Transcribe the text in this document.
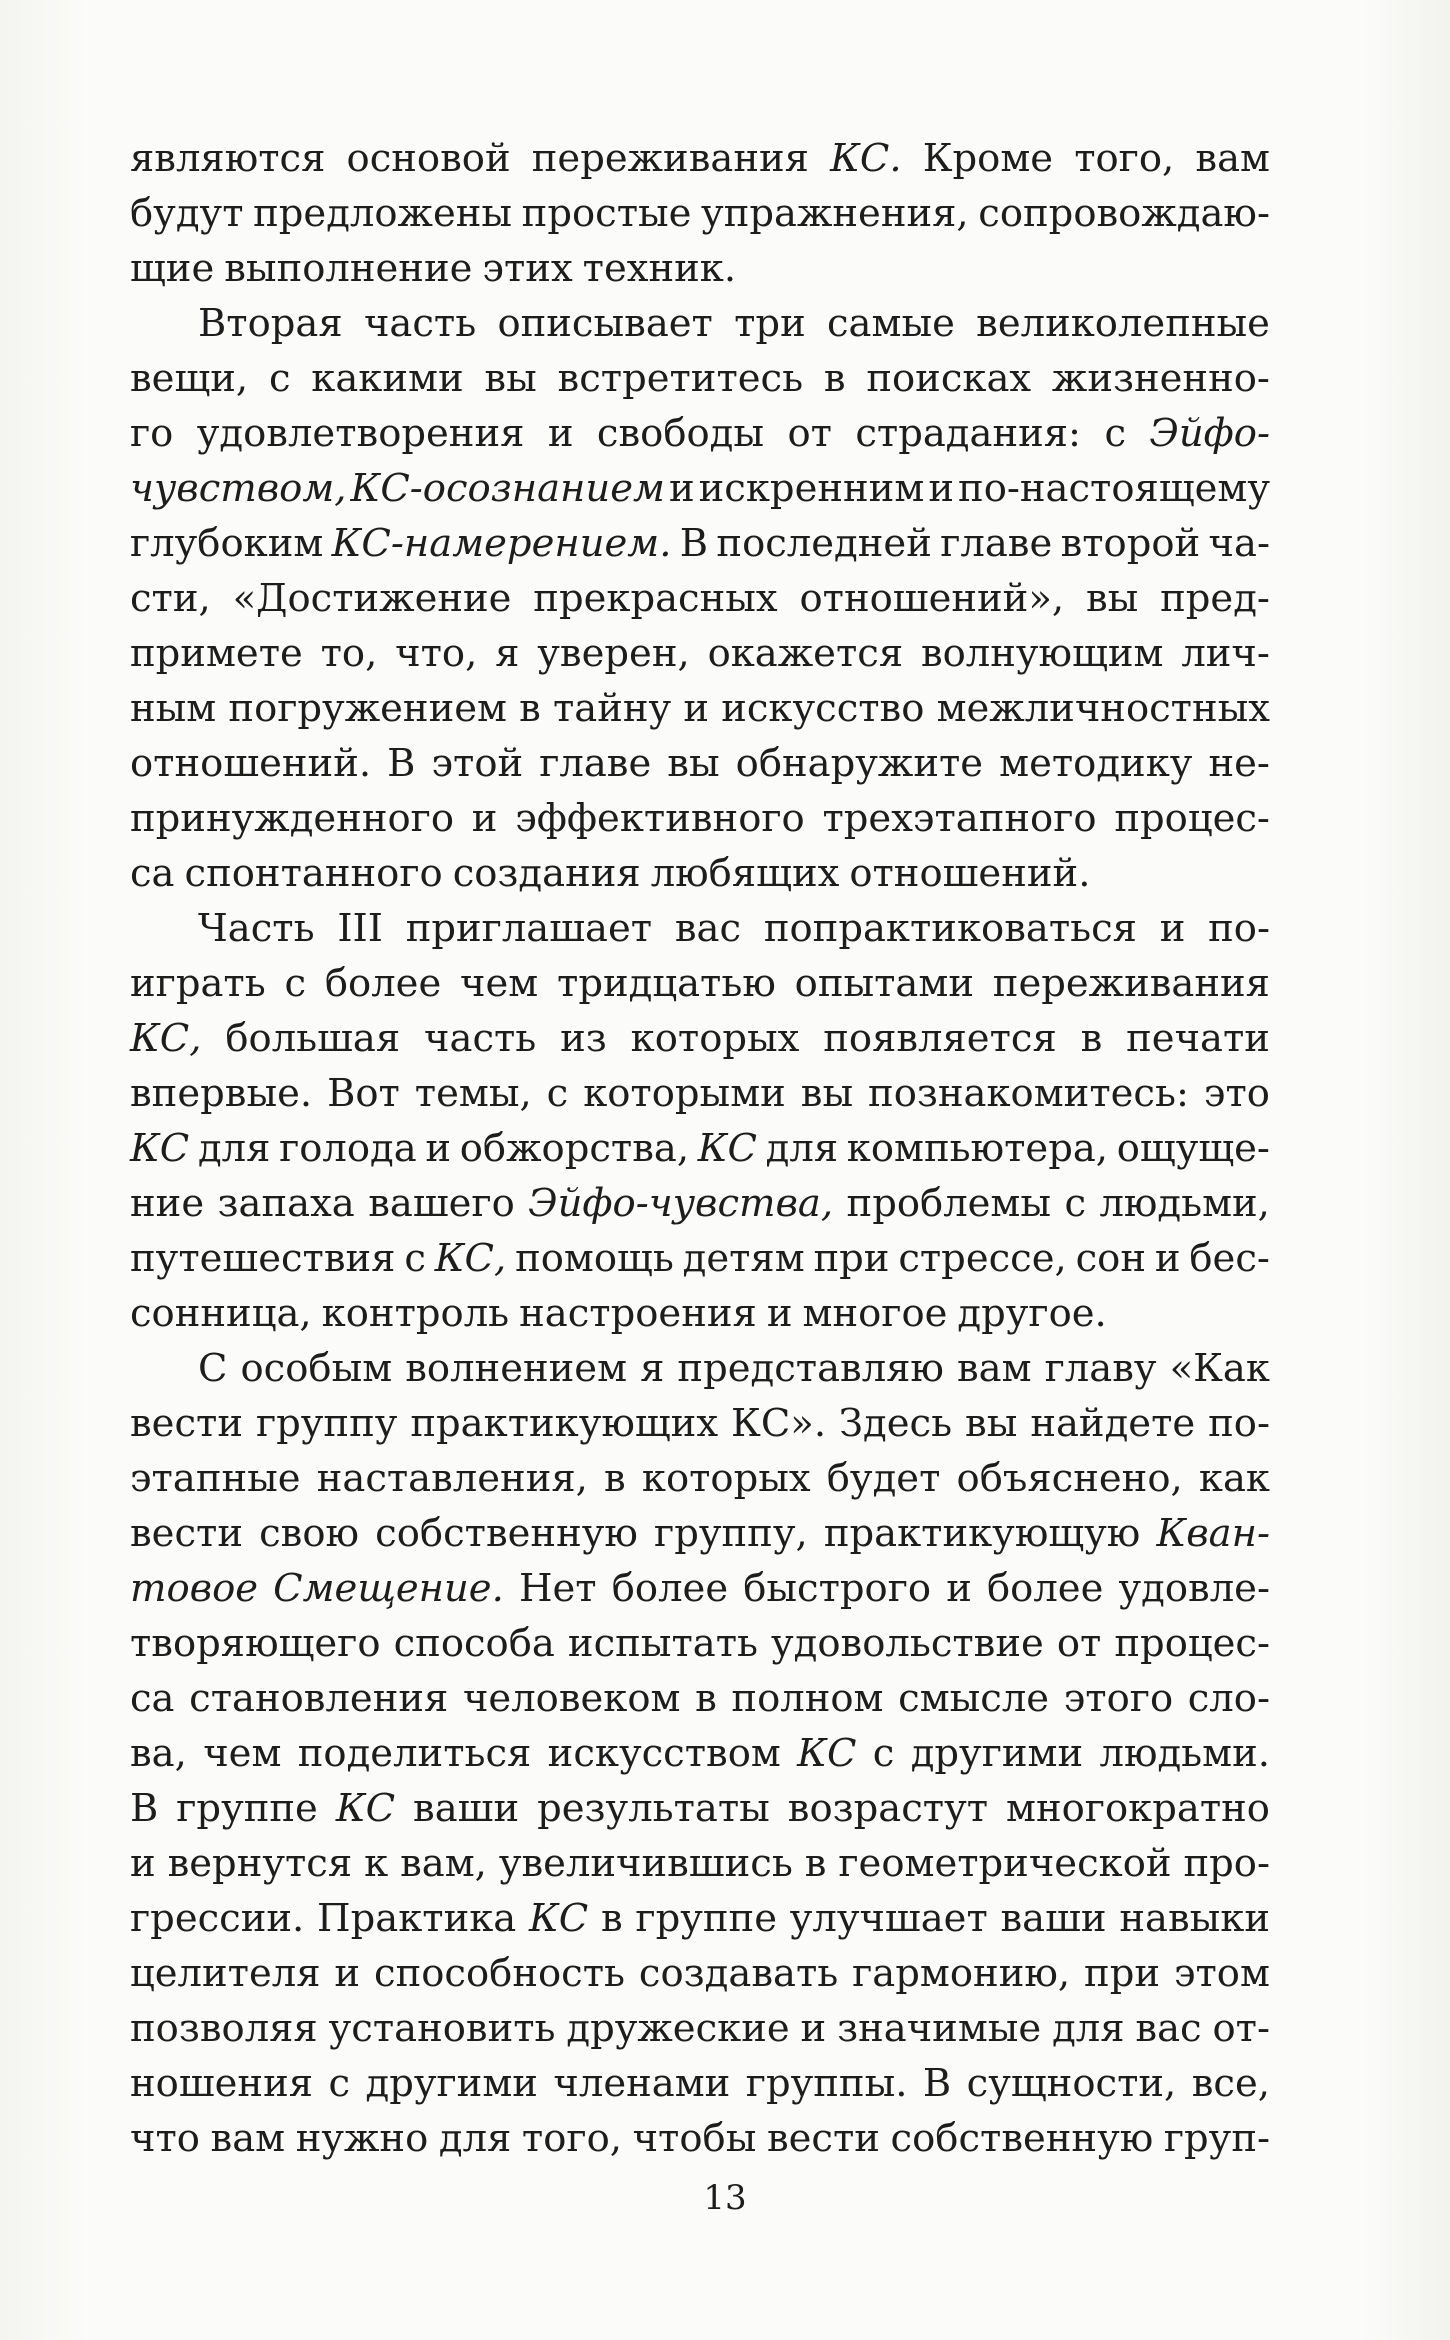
являются основой переживания КС. Кроме того, вам
будут предложены простые упражнения, сопровождаю-
щие выполнение этих техник.
Вторая часть описывает три самые великолепные
вещи, с какими вы встретитесь в поисках жизненно-
го удовлетворения и свободы от страдания: с Эйфо-
чувством, КС-осознанием и искренним и по-настоящему
глубоким КС-намерением. В последней главе второй ча-
сти, «Достижение прекрасных отношений», вы пред-
примете то, что, я уверен, окажется волнующим лич-
ным погружением в тайну и искусство межличностных
отношений. В этой главе вы обнаружите методику не-
принужденного и эффективного трехэтапного процес-
са спонтанного создания любящих отношений.
Часть III приглашает вас попрактиковаться и по-
играть с более чем тридцатью опытами переживания
КС, большая часть из которых появляется в печати
впервые. Вот темы, с которыми вы познакомитесь: это
КС для голода и обжорства, КС для компьютера, ощуще-
ние запаха вашего Эйфо-чувства, проблемы с людьми,
путешествия с КС, помощь детям при стрессе, сон и бес-
сонница, контроль настроения и многое другое.
С особым волнением я представляю вам главу «Как
вести группу практикующих КС». Здесь вы найдете по-
этапные наставления, в которых будет объяснено, как
вести свою собственную группу, практикующую Кван-
товое Смещение. Нет более быстрого и более удовле-
творяющего способа испытать удовольствие от процес-
са становления человеком в полном смысле этого сло-
ва, чем поделиться искусством КС с другими людьми.
В группе КС ваши результаты возрастут многократно
и вернутся к вам, увеличившись в геометрической про-
грессии. Практика КС в группе улучшает ваши навыки
целителя и способность создавать гармонию, при этом
позволяя установить дружеские и значимые для вас от-
ношения с другими членами группы. В сущности, все,
что вам нужно для того, чтобы вести собственную груп-
13
